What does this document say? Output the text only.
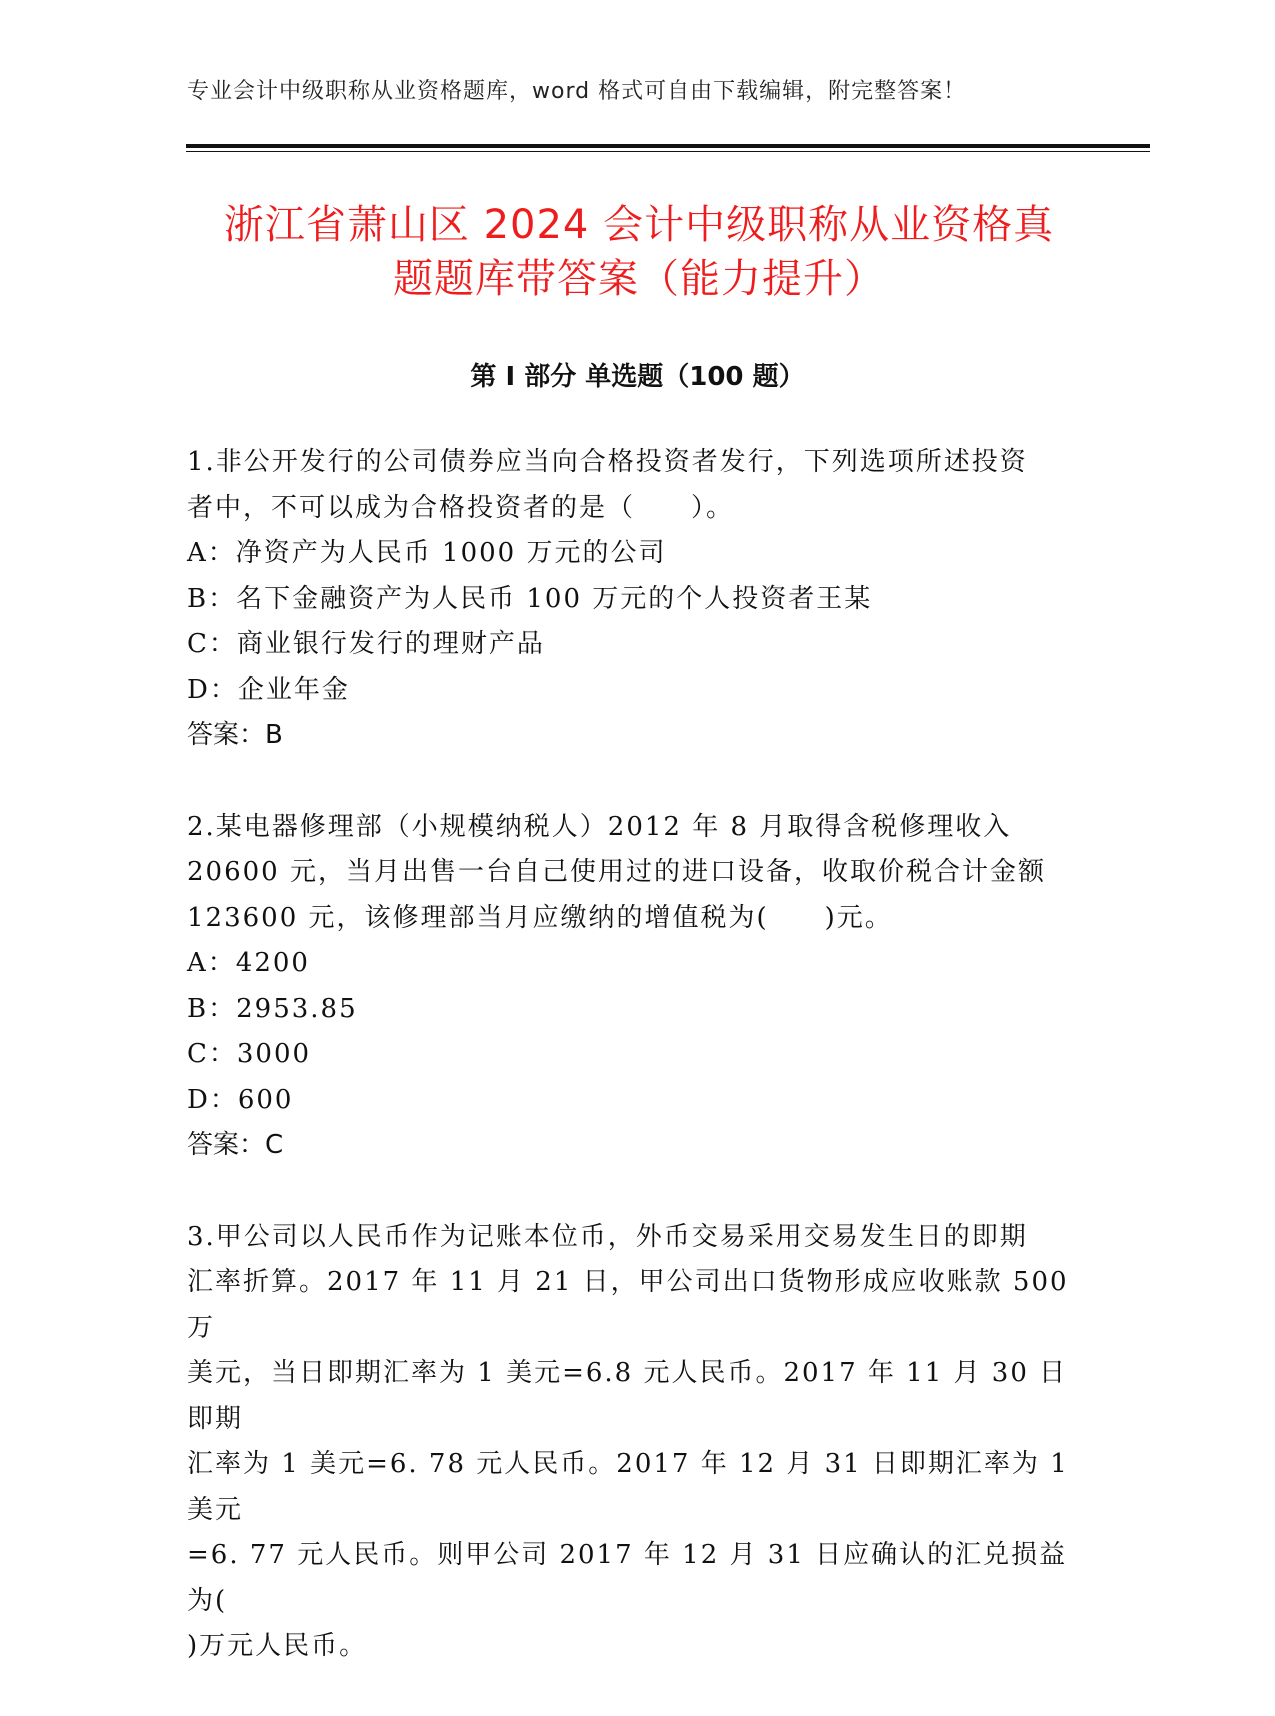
专业会计中级职称从业资格题库，word 格式可自由下载编辑，附完整答案！
浙江省萧山区 2024 会计中级职称从业资格真
题题库带答案（能力提升）
第 I 部分 单选题（100 题）

1.非公开发行的公司债券应当向合格投资者发行，下列选项所述投资

者中，不可以成为合格投资者的是（　　）。

A：净资产为人民币 1000 万元的公司

B：名下金融资产为人民币 100 万元的个人投资者王某

C：商业银行发行的理财产品

D：企业年金

答案：B

2.某电器修理部（小规模纳税人）2012 年 8 月取得含税修理收入

20600 元，当月出售一台自己使用过的进口设备，收取价税合计金额

123600 元，该修理部当月应缴纳的增值税为(　　)元。

A：4200

B：2953.85

C：3000

D：600

答案：C

3.甲公司以人民币作为记账本位币，外币交易采用交易发生日的即期

汇率折算。2017 年 11 月 21 日，甲公司出口货物形成应收账款 500 万

美元，当日即期汇率为 1 美元=6.8 元人民币。2017 年 11 月 30 日即期

汇率为 1 美元=6. 78 元人民币。2017 年 12 月 31 日即期汇率为 1 美元

=6. 77 元人民币。则甲公司 2017 年 12 月 31 日应确认的汇兑损益为(

)万元人民币。
